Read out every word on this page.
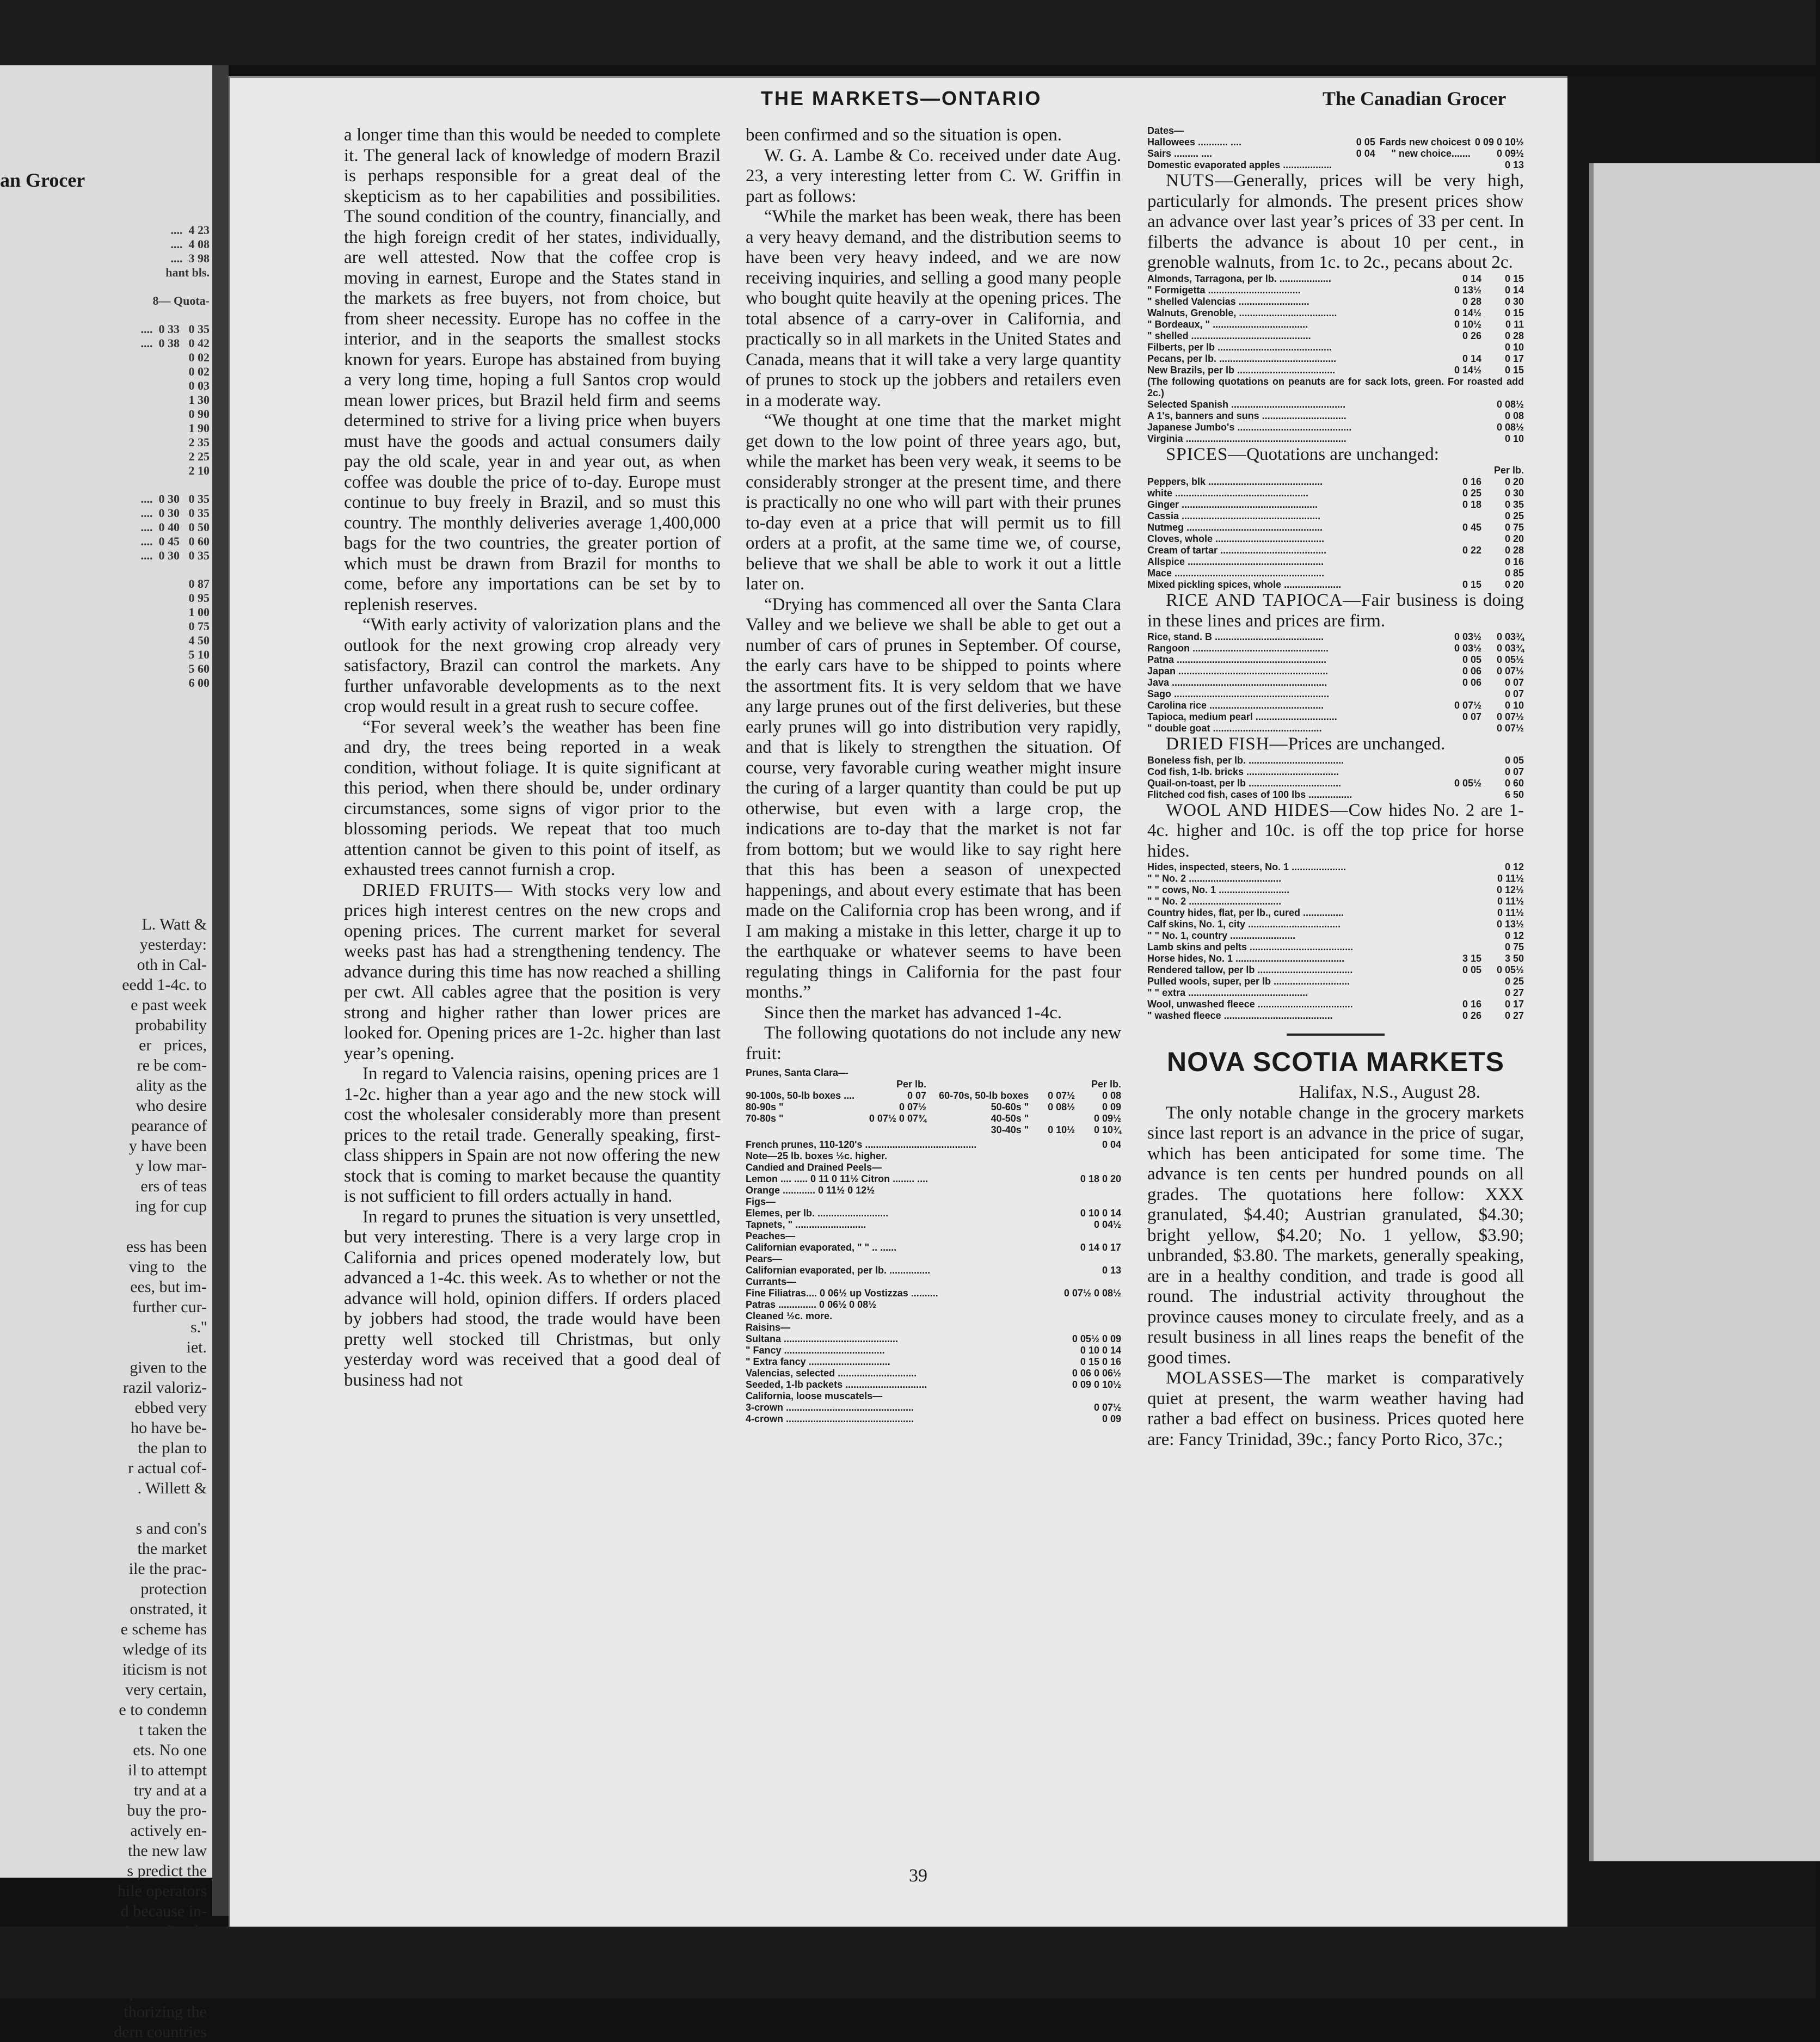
an Grocer
....  4 23
....  4 08
....  3 98
hant bls.

8— Quota-

....  0 33   0 35
....  0 38   0 42
0 02
0 02
0 03
1 30
0 90
1 90
2 35
2 25
2 10

....  0 30   0 35
....  0 30   0 35
....  0 40   0 50
....  0 45   0 60
....  0 30   0 35

0 87
0 95
1 00
0 75
4 50
5 10
5 60
6 00
L. Watt &
yesterday:
oth in Cal-
eedd 1-4c. to
e past week
probability
er   prices,
re be com-
ality as the
who desire
pearance of
y have been
y low mar-
ers of teas
ing for cup

ess has been
ving to   the
ees, but im-
further cur-
s.''
iet.
given to the
razil valoriz-
ebbed very
ho have be-
the plan to
r actual cof-
. Willett &

s and con's
the market
ile the prac-
protection
onstrated, it
e scheme has
wledge of its
iticism is not
very certain,
e to condemn
t taken the
ets. No one
il to attempt
try and at a
buy the pro-
actively en-
the new law
s predict the
hile operators
d because in-

thorizing the
dern countries
THE MARKETS—ONTARIO	The Canadian Grocer

a longer time than this would be needed to complete it. The general lack of knowledge of modern Brazil is perhaps responsible for a great deal of the skepticism as to her capabilities and possibilities. The sound condition of the country, financially, and the high foreign credit of her states, individually, are well attested. Now that the coffee crop is moving in earnest, Europe and the States stand in the markets as free buyers, not from choice, but from sheer necessity. Europe has no coffee in the interior, and in the seaports the smallest stocks known for years. Europe has abstained from buying a very long time, hoping a full Santos crop would mean lower prices, but Brazil held firm and seems determined to strive for a living price when buyers must have the goods and actual consumers daily pay the old scale, year in and year out, as when coffee was double the price of to-day. Europe must continue to buy freely in Brazil, and so must this country. The monthly deliveries average 1,400,000 bags for the two countries, the greater portion of which must be drawn from Brazil for months to come, before any importations can be set by to replenish reserves.

“With early activity of valorization plans and the outlook for the next growing crop already very satisfactory, Brazil can control the markets. Any further unfavorable developments as to the next crop would result in a great rush to secure coffee.

“For several week’s the weather has been fine and dry, the trees being reported in a weak condition, without foliage. It is quite significant at this period, when there should be, under ordinary circumstances, some signs of vigor prior to the blossoming periods. We repeat that too much attention cannot be given to this point of itself, as exhausted trees cannot furnish a crop.

DRIED FRUITS— With stocks very low and prices high interest centres on the new crops and opening prices. The current market for several weeks past has had a strengthening tendency. The advance during this time has now reached a shilling per cwt. All cables agree that the position is very strong and higher rather than lower prices are looked for. Opening prices are 1-2c. higher than last year’s opening.

In regard to Valencia raisins, opening prices are 1 1-2c. higher than a year ago and the new stock will cost the wholesaler considerably more than present prices to the retail trade. Generally speaking, first-class shippers in Spain are not now offering the new stock that is coming to market because the quantity is not sufficient to fill orders actually in hand.

In regard to prunes the situation is very unsettled, but very interesting. There is a very large crop in California and prices opened moderately low, but advanced a 1-4c. this week. As to whether or not the advance will hold, opinion differs. If orders placed by jobbers had stood, the trade would have been pretty well stocked till Christmas, but only yesterday word was received that a good deal of business had not

been confirmed and so the situation is open.

W. G. A. Lambe & Co. received under date Aug. 23, a very interesting letter from C. W. Griffin in part as follows:

“While the market has been weak, there has been a very heavy demand, and the distribution seems to have been very heavy indeed, and we are now receiving inquiries, and selling a good many people who bought quite heavily at the opening prices. The total absence of a carry-over in California, and practically so in all markets in the United States and Canada, means that it will take a very large quantity of prunes to stock up the jobbers and retailers even in a moderate way.

“We thought at one time that the market might get down to the low point of three years ago, but, while the market has been very weak, it seems to be considerably stronger at the present time, and there is practically no one who will part with their prunes to-day even at a price that will permit us to fill orders at a profit, at the same time we, of course, believe that we shall be able to work it out a little later on.

“Drying has commenced all over the Santa Clara Valley and we believe we shall be able to get out a number of cars of prunes in September. Of course, the early cars have to be shipped to points where the assortment fits. It is very seldom that we have any large prunes out of the first deliveries, but these early prunes will go into distribution very rapidly, and that is likely to strengthen the situation. Of course, very favorable curing weather might insure the curing of a larger quantity than could be put up otherwise, but even with a large crop, the indications are to-day that the market is not far from bottom; but we would like to say right here that this has been a season of unexpected happenings, and about every estimate that has been made on the California crop has been wrong, and if I am making a mistake in this letter, charge it up to the earthquake or whatever seems to have been regulating things in California for the past four months.”

Since then the market has advanced 1-4c.

The following quotations do not include any new fruit:

Prunes, Santa Clara—
Per lb.		Per lb.		
90-100s, 50-lb boxes ....	0 07	60-70s, 50-lb boxes	0 07½	0 08
80-90s "	0 07½	50-60s "	0 08½	0 09
70-80s "	0 07½ 0 07¾	40-50s "		0 09½
		30-40s "	0 10½	0 10¾
French prunes, 110-120's .........................................	0 04
Note—25 lb. boxes ½c. higher.	
Candied and Drained Peels—	
Lemon .... ..... 0 11 0 11½ Citron ........ ....	0 18 0 20
Orange ............ 0 11½ 0 12½	
Figs—	
Elemes, per lb. ..........................	0 10 0 14
Tapnets, " ..........................	0 04½
Peaches—	
Californian evaporated, " " .. ......	0 14 0 17
Pears—	
Californian evaporated, per lb. ...............	0 13
Currants—	
Fine Filiatras.... 0 06½ up Vostizzas ..........	0 07½ 0 08½
Patras .............. 0 06½ 0 08½	
Cleaned ½c. more.	
Raisins—	
Sultana ..........................................	0 05½ 0 09
" Fancy .....................................	0 10 0 14
" Extra fancy ..............................	0 15 0 16
Valencias, selected .............................	0 06 0 06½
Seeded, 1-lb packets ..............................	0 09 0 10½
California, loose muscatels—	
3-crown ...............................................	0 07½
4-crown ...............................................	0 09
Dates—
Hallowees ........... ....	0 05	Fards new choicest	0 09 0 10½
Sairs ......... ....	0 04	" new choice.......	0 09½
Domestic evaporated apples ..................			0 13

NUTS—Generally, prices will be very high, particularly for almonds. The present prices show an advance over last year’s prices of 33 per cent. In filberts the advance is about 10 per cent., in grenoble walnuts, from 1c. to 2c., pecans about 2c.

Almonds, Tarragona, per lb. ...................	0 14	0 15
" Formigetta ..................................	0 13½	0 14
" shelled Valencias ..........................	0 28	0 30
Walnuts, Grenoble, ....................................	0 14½	0 15
" Bordeaux, " ...................................	0 10½	0 11
" shelled ............................................	0 26	0 28
Filberts, per lb ..........................................		0 10
Pecans, per lb. ...........................................	0 14	0 17
New Brazils, per lb ....................................	0 14½	0 15
(The following quotations on peanuts are for sack lots, green. For roasted add 2c.)
Selected Spanish ..........................................		0 08½
A 1's, banners and suns ...............................		0 08
Japanese Jumbo's ..........................................		0 08½
Virginia ...........................................................		0 10

SPICES—Quotations are unchanged:

Per lb.
Peppers, blk ..........................................	0 16	0 20
white .................................................	0 25	0 30
Ginger ..................................................	0 18	0 35
Cassia ...................................................		0 25
Nutmeg ..................................................	0 45	0 75
Cloves, whole ........................................		0 20
Cream of tartar .......................................	0 22	0 28
Allspice ..................................................		0 16
Mace .......................................................		0 85
Mixed pickling spices, whole .....................	0 15	0 20

RICE AND TAPIOCA—Fair business is doing in these lines and prices are firm.

Rice, stand. B ........................................	0 03½	0 03¾
Rangoon ..................................................	0 03½	0 03¾
Patna .......................................................	0 05	0 05½
Japan .......................................................	0 06	0 07½
Java .........................................................	0 06	0 07
Sago .........................................................		0 07
Carolina rice ..........................................	0 07½	0 10
Tapioca, medium pearl ..............................	0 07	0 07½
" double goat ........................................		0 07½

DRIED FISH—Prices are unchanged.

Boneless fish, per lb. ...................................		0 05
Cod fish, 1-lb. bricks ..................................		0 07
Quail-on-toast, per lb ..................................	0 05½	0 60
Flitched cod fish, cases of 100 lbs ................		6 50

WOOL AND HIDES—Cow hides No. 2 are 1-4c. higher and 10c. is off the top price for horse hides.

Hides, inspected, steers, No. 1 ....................		0 12
" " No. 2 ..................................		0 11½
" " cows, No. 1 ..........................		0 12½
" " No. 2 ..................................		0 11½
Country hides, flat, per lb., cured ...............		0 11½
Calf skins, No. 1, city ..................................		0 13½
" " No. 1, country ........................		0 12
Lamb skins and pelts ......................................		0 75
Horse hides, No. 1 ........................................	3 15	3 50
Rendered tallow, per lb ...................................	0 05	0 05½
Pulled wools, super, per lb ............................		0 25
" " extra ............................................		0 27
Wool, unwashed fleece ...................................	0 16	0 17
" washed fleece ........................................	0 26	0 27
NOVA SCOTIA MARKETS

Halifax, N.S., August 28.

The only notable change in the grocery markets since last report is an advance in the price of sugar, which has been anticipated for some time. The advance is ten cents per hundred pounds on all grades. The quotations here follow: XXX granulated, $4.40; Austrian granulated, $4.30; bright yellow, $4.20; No. 1 yellow, $3.90; unbranded, $3.80. The markets, generally speaking, are in a healthy condition, and trade is good all round. The industrial activity throughout the province causes money to circulate freely, and as a result business in all lines reaps the benefit of the good times.

MOLASSES—The market is comparatively quiet at present, the warm weather having had rather a bad effect on business. Prices quoted here are: Fancy Trinidad, 39c.; fancy Porto Rico, 37c.;

39
